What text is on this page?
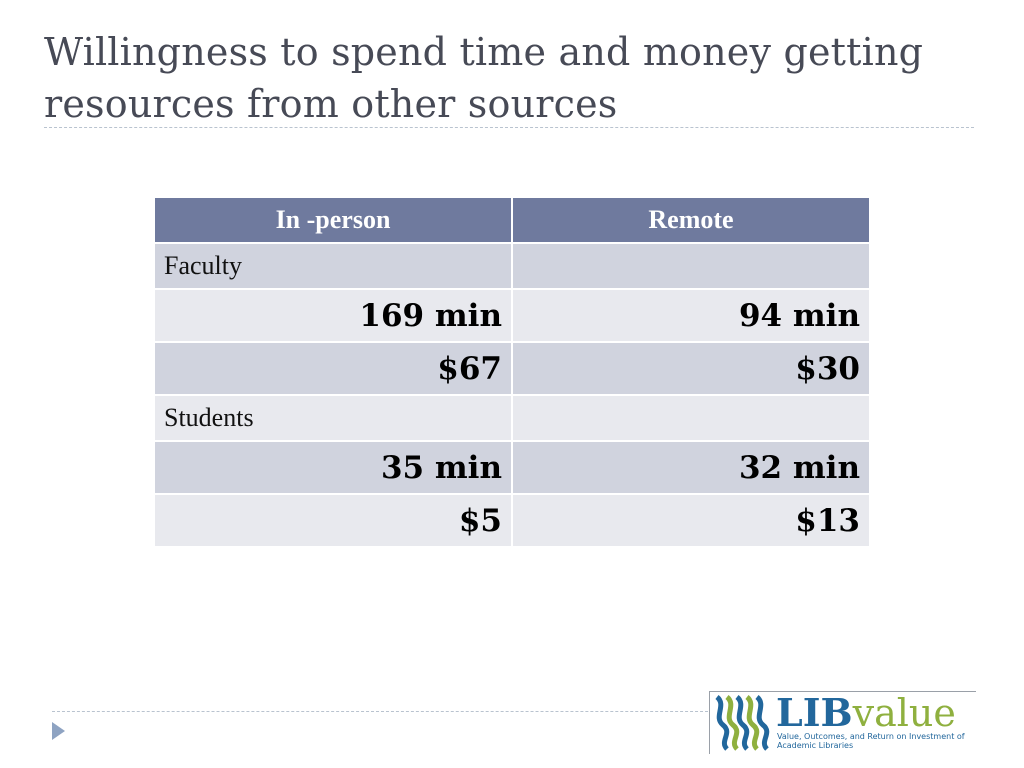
Willingness to spend time and money getting resources from other sources
In -person	Remote
Faculty	
169 min	94 min
$67	$30
Students	
35 min	32 min
$5	$13
LIBvalue
Value, Outcomes, and Return on Investment of Academic Libraries
